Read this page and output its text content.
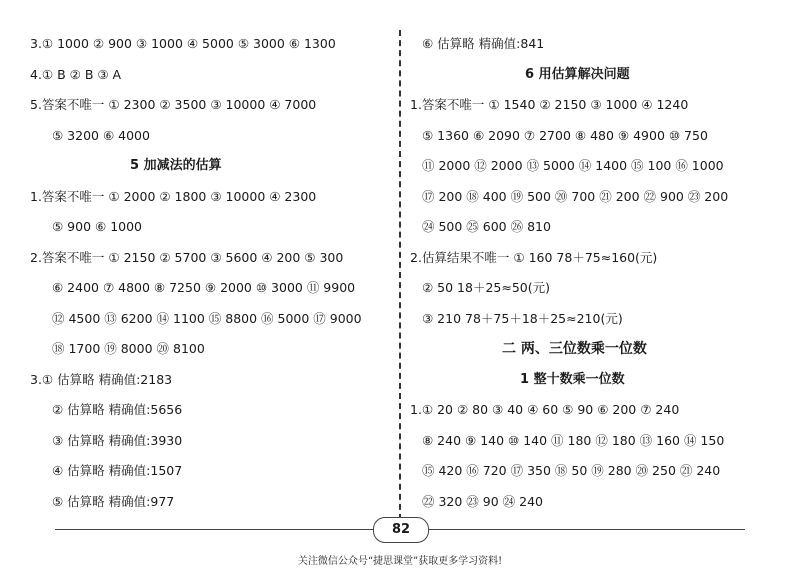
3.① 1000 ② 900 ③ 1000 ④ 5000 ⑤ 3000 ⑥ 1300
4.① B ② B ③ A
5.答案不唯一 ① 2300 ② 3500 ③ 10000 ④ 7000
⑤ 3200 ⑥ 4000
5 加减法的估算
1.答案不唯一 ① 2000 ② 1800 ③ 10000 ④ 2300
⑤ 900 ⑥ 1000
2.答案不唯一 ① 2150 ② 5700 ③ 5600 ④ 200 ⑤ 300
⑥ 2400 ⑦ 4800 ⑧ 7250 ⑨ 2000 ⑩ 3000 ⑪ 9900
⑫ 4500 ⑬ 6200 ⑭ 1100 ⑮ 8800 ⑯ 5000 ⑰ 9000
⑱ 1700 ⑲ 8000 ⑳ 8100
3.① 估算略 精确值:2183
② 估算略 精确值:5656
③ 估算略 精确值:3930
④ 估算略 精确值:1507
⑤ 估算略 精确值:977
⑥ 估算略 精确值:841
6 用估算解决问题
1.答案不唯一 ① 1540 ② 2150 ③ 1000 ④ 1240
⑤ 1360 ⑥ 2090 ⑦ 2700 ⑧ 480 ⑨ 4900 ⑩ 750
⑪ 2000 ⑫ 2000 ⑬ 5000 ⑭ 1400 ⑮ 100 ⑯ 1000
⑰ 200 ⑱ 400 ⑲ 500 ⑳ 700 ㉑ 200 ㉒ 900 ㉓ 200
㉔ 500 ㉕ 600 ㉖ 810
2.估算结果不唯一 ① 160 78＋75≈160(元)
② 50 18＋25≈50(元)
③ 210 78＋75＋18＋25≈210(元)
二 两、三位数乘一位数
1 整十数乘一位数
1.① 20 ② 80 ③ 40 ④ 60 ⑤ 90 ⑥ 200 ⑦ 240
⑧ 240 ⑨ 140 ⑩ 140 ⑪ 180 ⑫ 180 ⑬ 160 ⑭ 150
⑮ 420 ⑯ 720 ⑰ 350 ⑱ 50 ⑲ 280 ⑳ 250 ㉑ 240
㉒ 320 ㉓ 90 ㉔ 240
82
关注微信公众号“捷思课堂”获取更多学习资料!
